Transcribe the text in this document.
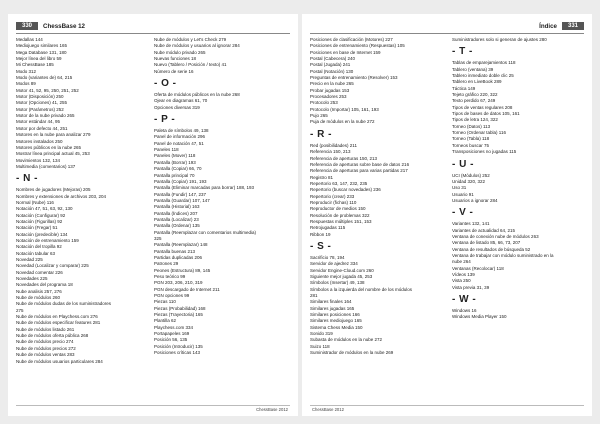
330	ChessBase 12
Medallas 144
Mediojuego similares 165
Mega Database 131, 180
Mejor línea del libro 59
Mi ChessBase 185
Modo 312
Modo (variantes de) 64, 215
Modos 89
Motor 41, 52, 95, 250, 251, 252
Motor (Disposición) 250
Motor (Opciones) 41, 255
Motor (Parámetros) 252
Motor de la nube privado 265
Motor estándar 44, 95
Motor por defecto 44, 251
Motores en la nube para analizar 279
Motores instalados 250
Motores públicos en la nube 265
Mostrar línea principal actual 45, 253
Movimientos 132, 134
Multimedia (comentarios) 137
- N -
Nombres de jugadores (Mejoras) 205
Nombres y extensiones de archivos 203, 204
Normal (Nube) 116
Notación 47, 51, 63, 92, 130
Notación (Configurar) 92
Notación (Figurillas) 92
Notación (Fregar) 51
Notación (predecible) 134
Notación de entrenamiento 159
Notación del tropilla 92
Notación tabular 63
Novedad 225
Novedad (Localizar y comparar) 225
Novedad comentar 226
Novedades 225
Novedades del programa 18
Nube analisis 257, 276
Nube de módulos 260
Nube de módulos dudas de los suministradores
275
Nube de módulos en Playchess.com 276
Nube de módulos especificar features 281
Nube de módulos listado 261
Nube de módulos oferta pública 268
Nube de módulos precio 274
Nube de módulos precios 272
Nube de módulos ventas 283
Nube de módulos usuarios particulares 284
Nube de módulos y Let's Check 279
Nube de módulos y usuarios al ignorar 284
Nube módulo privado 265
Nuevas funciones 18
Nuevo (Tablero / Posición / texto) 41
Número de serie 16
- O -
Oferta de módulos públicos en la nube 268
Ojear en diagramas 61, 70
Opciones diversas 319
- P -
Paleta de símbolos 49, 138
Panel de información 296
Panel de notación 47, 51
Paneles 118
Paneles (Mover) 118
Pantalla (Borrar) 193
Pantalla (Copiar) 66, 70
Pantalla principal 70
Pantalla (Copiar) 191, 193
Pantalla (Eliminar marcadas para borrar) 188, 193
Pantalla (Fundir) 147, 237
Pantalla (Guardar) 107, 147
Pantalla (Historial) 163
Pantalla (Índices) 207
Pantalla (Localizar) 23
Pantalla (Ordenar) 135
Pantalla (Reemplazar con comentarios multimedia)
325
Pantalla (Reemplazar) 148
Pantalla buenas 213
Partidas duplicadas 206
Patrones 29
Peones (Estructura) 89, 145
Peso teórico 99
PGN 203, 206, 210, 319
PGN descargado de Internet 211
PGN opciones 99
Piezas 110
Piezas (Probabilidad) 168
Piezas (Trayectoria) 165
Plantilla 62
Playchess.com 334
Portapapeles 169
Posición 56, 135
Posición (Introducir) 135
Posiciones críticas 143
ChessBase 2012
Índice	331
Posiciones de clasificación (Motores) 227
Posiciones de entrenamiento (Respuestas) 105
Posiciones en base de Internet 159
Postal (Cabecera) 240
Postal (Jugada) 241
Postal (Notación) 130
Preguntas de entrenamiento (Resolver) 153
Precio en la nube 265
Probar jugadas 153
Procesadores 253
Protocolo 253
Protocolo (Importar) 105, 161, 193
Pujo 265
Puja de módulos en la nube 272
- R -
Red (posibilidades) 211
Referencia 150, 213
Referencia de aperturas 150, 213
Referencia de aperturas sobre base de datos 216
Referencia de aperturas para varias partidas 217
Registro 81
Repertorio 63, 147, 232, 235
Repertorio (buscar novedades) 236
Repertorio (crear) 233
Reproducir (fichas) 110
Reproductor de medios 150
Resolución de problemas 322
Respuestas múltiples 151, 153
Retrojugadas 115
Ribbon 19
- S -
Sacrificio 78, 194
Servidor de ajedrez 334
Servidor Engine-Cloud.com 260
Siguiente mejor jugada 45, 253
Símbolos (Insertar) 49, 138
Símbolos a la izquierda del nombre de los módulos
281
Similares finales 164
Similares jugadas 165
Similares posiciones 166
Similares mediojuego 165
Sistema Chess Media 150
Sonido 319
Subasta de módulos en la nube 272
Suizo 118
Suministrador de módulos en la nube 269
Suministradores solo si generan de ajustes 280
- T -
Tablas de emparejamientos 118
Tablero (ventana) 39
Tablero inmediato doble clic 25
Tablero en LiveBook 289
Táctica 149
Tejeto gráfico 220, 322
Texto perdido 67, 249
Tipos de ventas regulares 208
Tipos de bases de datos 105, 161
Tipos de letra 124, 322
Torneo (Datos) 113
Torneo (Ordenar tabla) 116
Torneo (Tabla) 118
Torneos buscar 75
Transposiciones no jugadas 115
- U -
UCI (Módulos) 252
Unidad 320, 322
Uso 31
Usuario 91
Usuarios a ignorar 284
- V -
Variantes 132, 141
Variantes de actualidad 64, 215
Ventana de conexión nube de módulos 263
Ventana de listado 85, 66, 73, 207
Ventana de resultados de búsqueda 52
Ventana de trabajar con módulo suministrado en la
nube 264
Ventanas (Recolocar) 118
Vídeos 139
Vista 250
Vista previa 31, 39
- W -
Windows 16
Windows Media Player 150
ChessBase 2012
